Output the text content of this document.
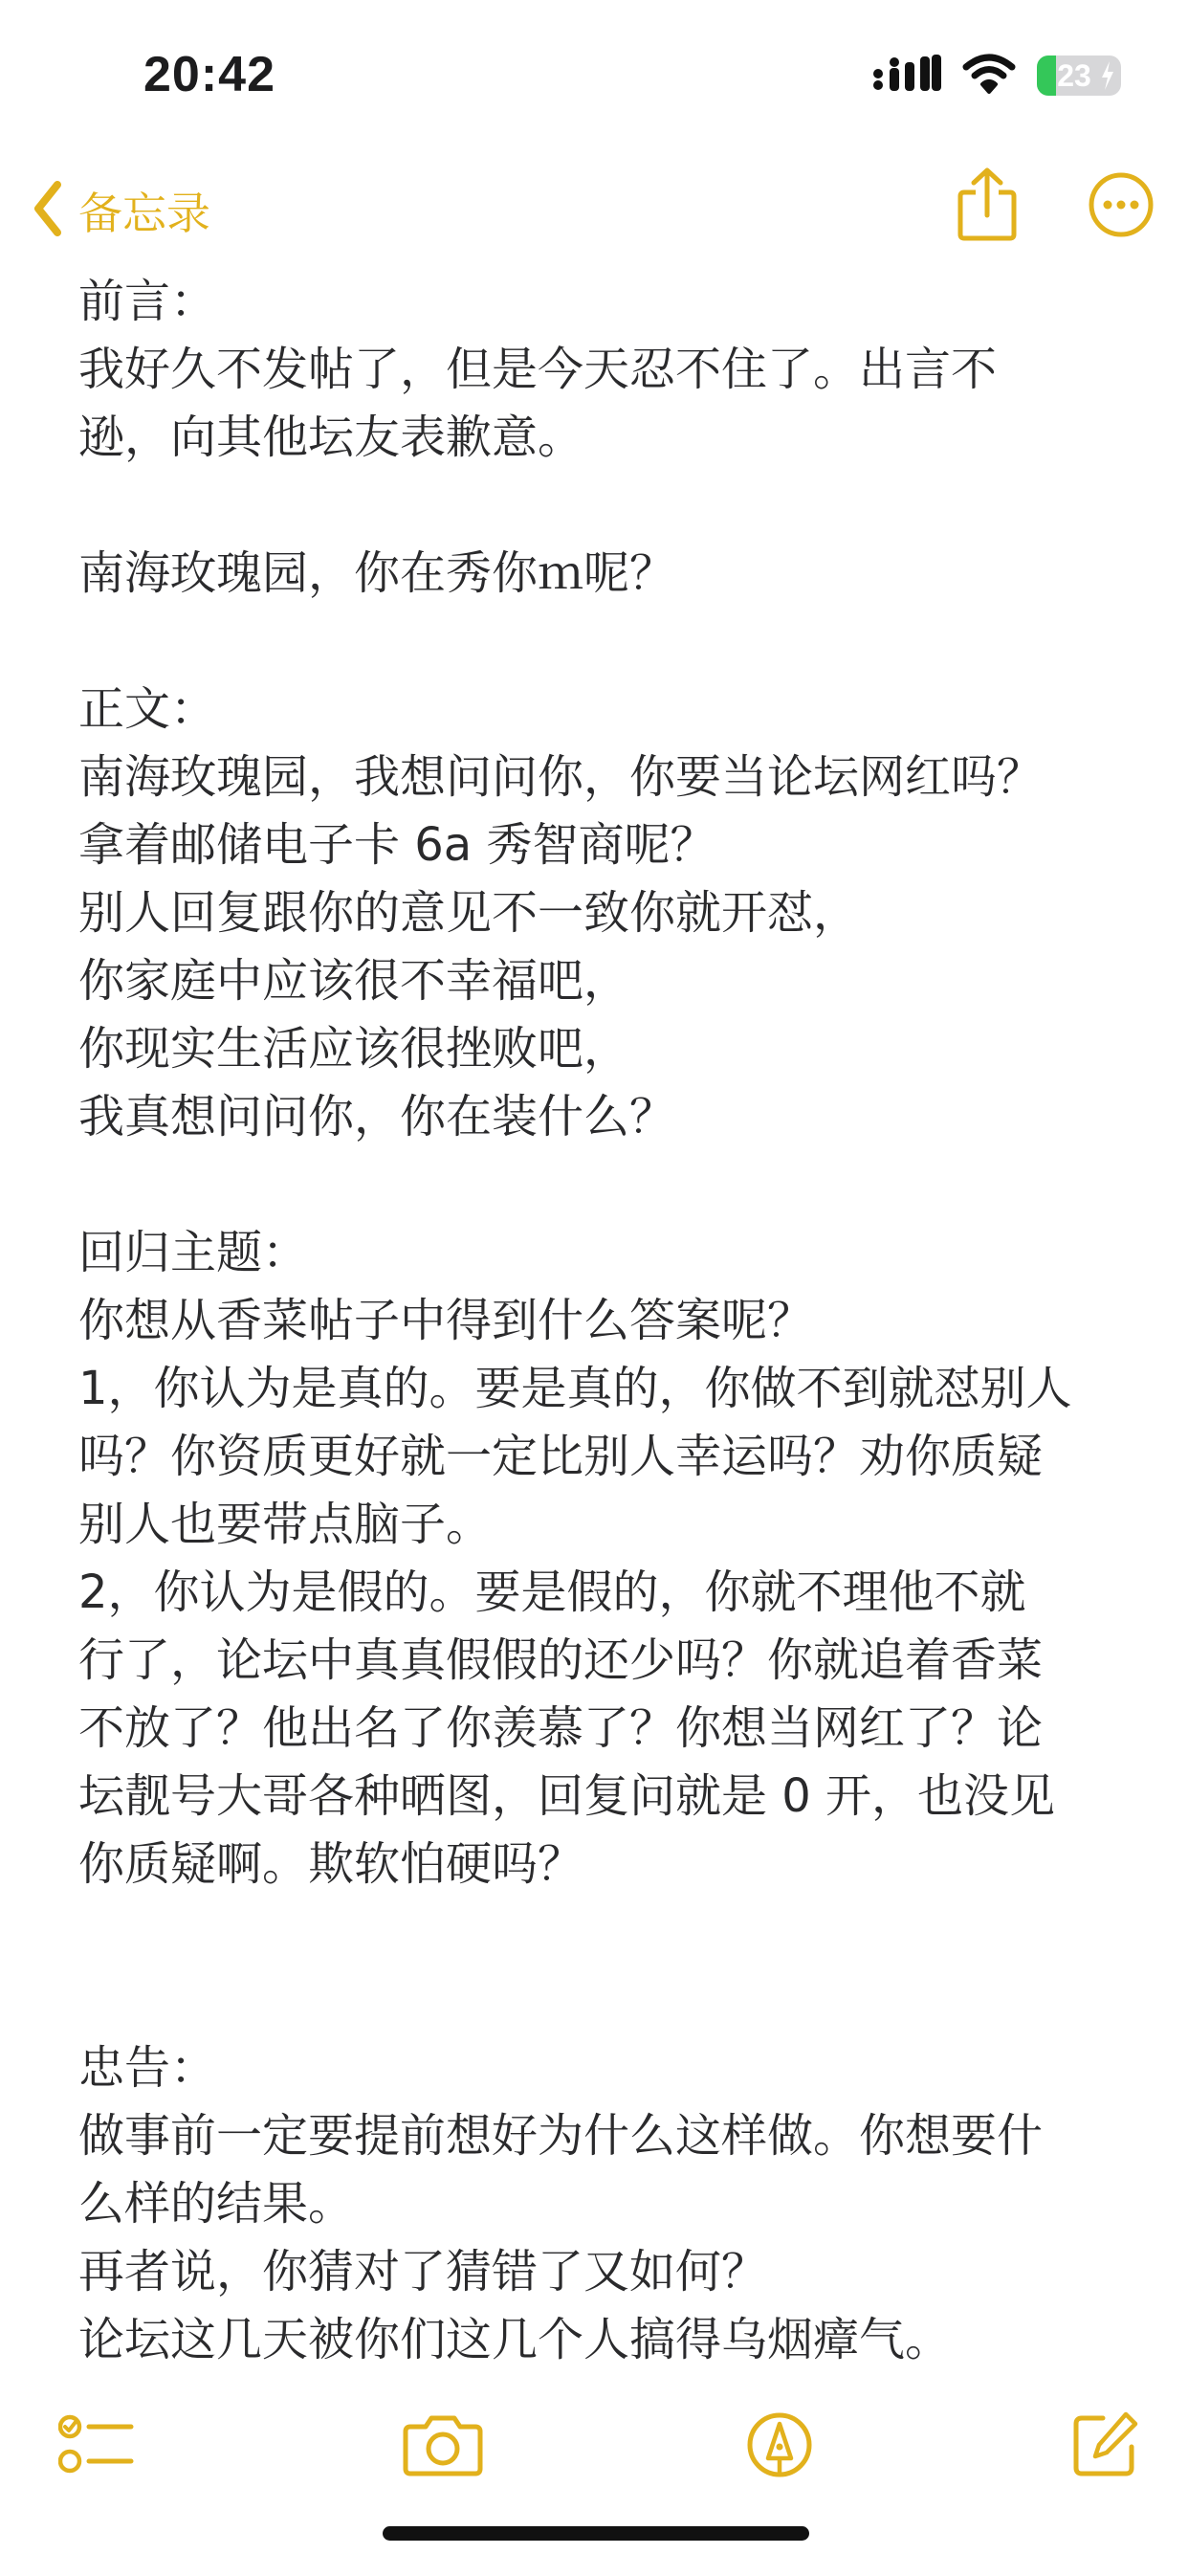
20:42	23
备忘录

前言：

我好久不发帖了，但是今天忍不住了。出言不

逊，向其他坛友表歉意。

南海玫瑰园，你在秀你ｍ呢？

正文：

南海玫瑰园，我想问问你，你要当论坛网红吗？

拿着邮储电子卡 6a 秀智商呢？

别人回复跟你的意见不一致你就开怼，

你家庭中应该很不幸福吧，

你现实生活应该很挫败吧，

我真想问问你，你在装什么？

回归主题：

你想从香菜帖子中得到什么答案呢？

1，你认为是真的。要是真的，你做不到就怼别人

吗？你资质更好就一定比别人幸运吗？劝你质疑

别人也要带点脑子。

2，你认为是假的。要是假的，你就不理他不就

行了，论坛中真真假假的还少吗？你就追着香菜

不放了？他出名了你羡慕了？你想当网红了？论

坛靓号大哥各种晒图，回复问就是 0 开，也没见

你质疑啊。欺软怕硬吗？

忠告：

做事前一定要提前想好为什么这样做。你想要什

么样的结果。

再者说，你猜对了猜错了又如何？

论坛这几天被你们这几个人搞得乌烟瘴气。
